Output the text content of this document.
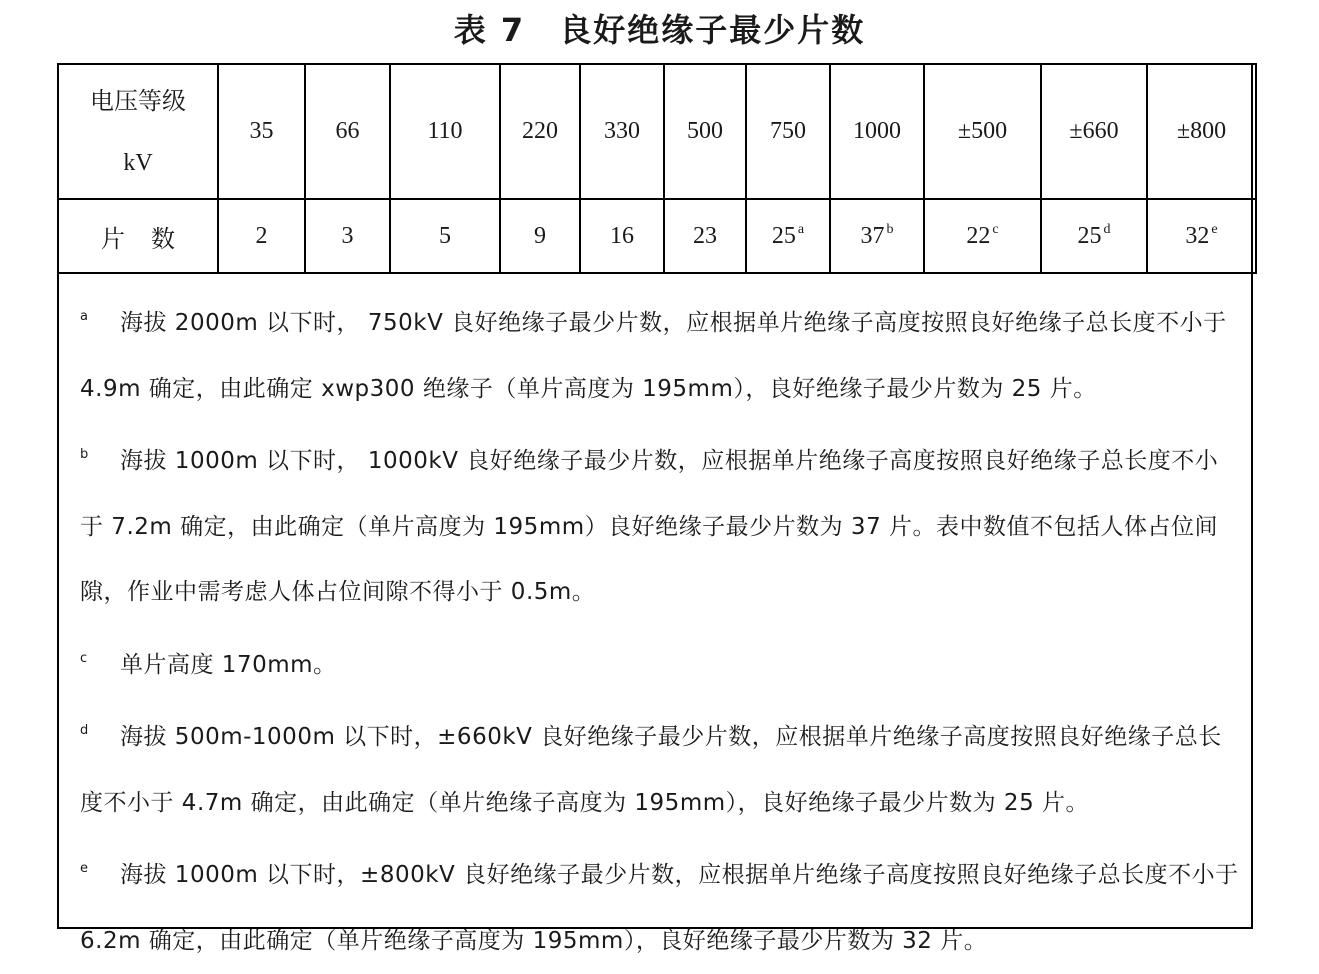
表 7 良好绝缘子最少片数
电压等级
kV	35	66	110	220	330	500	750	1000	±500	±660	±800
片数	2	3	5	9	16	23	25 $^a$	37 $^b$	22 $^c$	25 $^d$	32 $^e$

a 海拔 2000m 以下时， 750kV 良好绝缘子最少片数，应根据单片绝缘子高度按照良好绝缘子总长度不小于 4.9m 确定，由此确定 xwp300 绝缘子（单片高度为 195mm），良好绝缘子最少片数为 25 片。

b 海拔 1000m 以下时， 1000kV 良好绝缘子最少片数，应根据单片绝缘子高度按照良好绝缘子总长度不小于 7.2m 确定，由此确定（单片高度为 195mm）良好绝缘子最少片数为 37 片。表中数值不包括人体占位间隙，作业中需考虑人体占位间隙不得小于 0.5m。

c 单片高度 170mm。

d 海拔 500m-1000m 以下时，±660kV 良好绝缘子最少片数，应根据单片绝缘子高度按照良好绝缘子总长度不小于 4.7m 确定，由此确定（单片绝缘子高度为 195mm），良好绝缘子最少片数为 25 片。

e 海拔 1000m 以下时，±800kV 良好绝缘子最少片数，应根据单片绝缘子高度按照良好绝缘子总长度不小于 6.2m 确定，由此确定（单片绝缘子高度为 195mm），良好绝缘子最少片数为 32 片。
